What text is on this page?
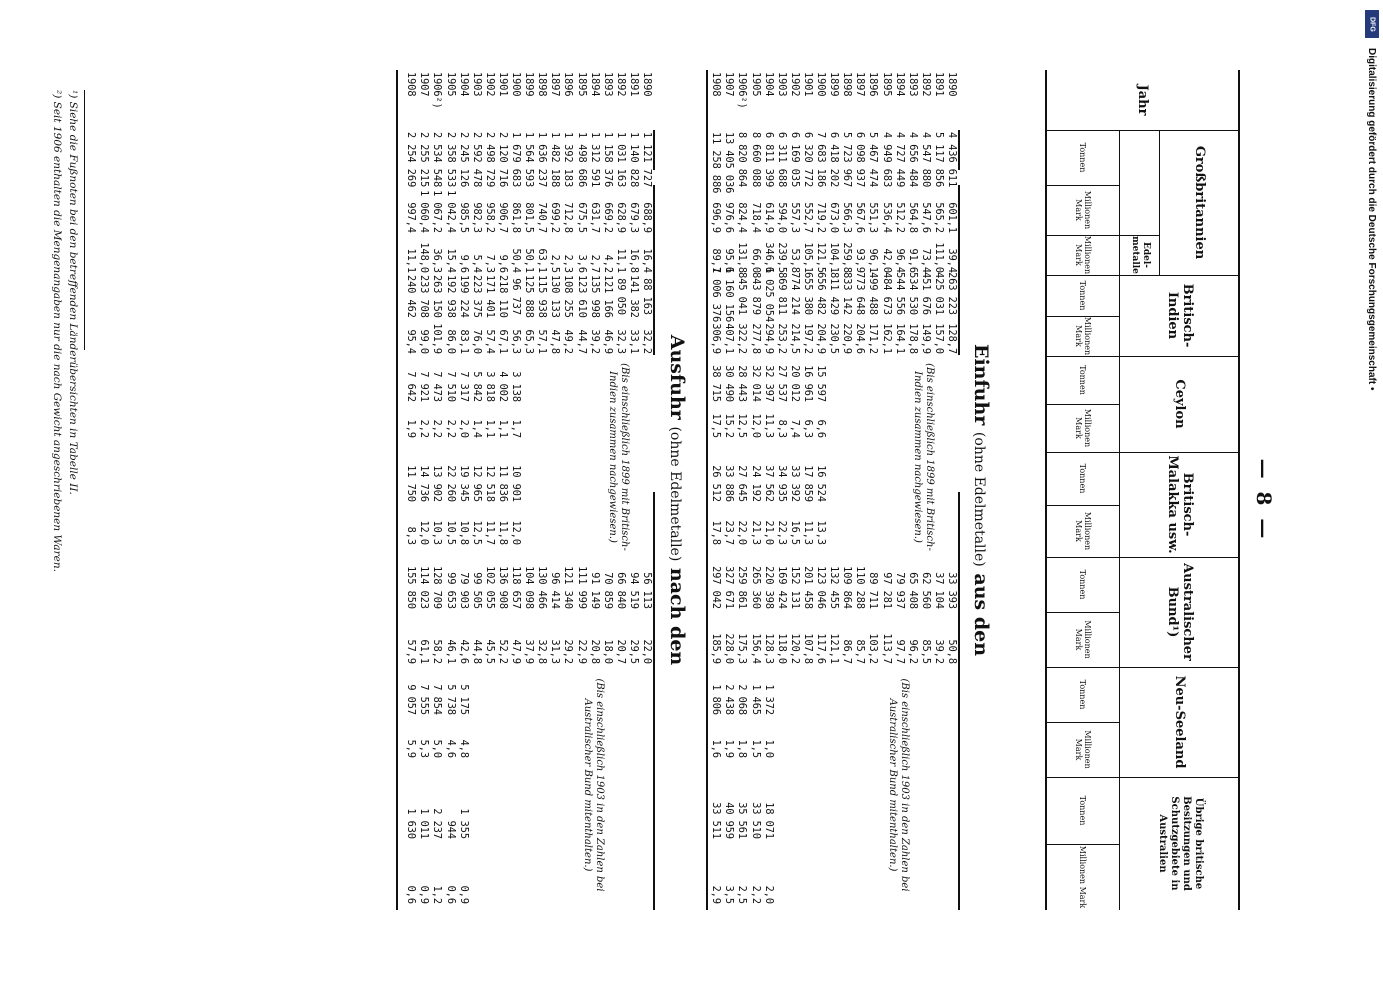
DFG
Digitalisierung gefördert durch die Deutsche Forschungsgemeinschaft •
— 8 —
Jahr
Großbritannien
Britisch-Indien
Ceylon
Britisch-Malakka usw.
Australischer Bund¹)
Neu-Seeland
Übrige britische Besitzungen und Schutzgebiete in Australien
Edel-metalle
Tonnen
Millionen Mark
Millionen Mark
Tonnen
Millionen Mark
Tonnen
Millionen Mark
Tonnen
Millionen Mark
Tonnen
Millionen Mark
Tonnen
Millionen Mark
Tonnen
Millionen Mark
Einfuhr (ohne Edelmetalle) aus den
1890
1891
1892
1893
1894
1895
1896
1897
1898
1899
1900
1901
1902
1903
1904
1905
1906²)
1907
1908
4 436 611
5 117 856
4 547 880
4 656 484
4 727 449
4 949 683
5 467 474
6 098 937
5 723 967
6 418 202
7 683 186
6 320 772
6 169 035
6 311 688
6 811 399
8 660 088
8 820 864
13 405 036
11 258 886
601,1
565,2
547,6
564,8
512,2
536,4
551,3
567,6
566,3
673,0
719,2
552,7
557,3
594,0
614,9
718,4
824,4
976,6
696,9
39,4
111,0
73,4
91,6
96,4
42,0
96,1
93,9
259,8
104,1
121,5
105,1
53,8
239,5
346,6
66,0
131,8
95,6
89,7
263 223
425 031
451 676
534 530
544 556
484 673
499 488
773 648
833 142
811 429
656 482
655 380
774 214
869 811
1 025 054
843 879
845 041
1 160 156
1 006 376
128,7
157,0
149,9
178,8
164,1
162,1
171,2
204,6
220,9
230,5
204,9
197,2
214,5
253,2
294,9
277,8
322,2
407,1
306,9

15 597
16 961
20 012
27 537
32 397
32 014
28 443
30 490
38 715

6,6
6,3
7,4
8,3
11,3
12,0
12,5
15,2
17,5

16 524
17 859
33 392
34 935
37 562
24 192
27 645
33 886
26 512

13,3
11,3
16,5
22,3
21,0
21,3
22,0
23,7
17,8
33 393
37 104
62 560
65 408
79 937
97 281
89 711
110 288
109 864
132 455
123 046
201 458
152 131
169 424
220 398
265 360
259 861
327 671
297 042
50,8
39,2
85,5
96,2
97,7
113,7
103,2
85,7
86,7
121,1
117,6
107,8
120,2
118,0
128,3
156,4
175,3
228,0
185,9

1 372
1 465
2 068
2 438
1 806

1,0
1,5
1,8
1,9
1,6

18 071
33 510
35 561
40 959
33 511

2,0
2,2
2,5
3,5
2,9
(Bis einschließlich 1899 mit Britisch-Indien zusammen nachgewiesen.)
(Bis einschließlich 1903 in den Zahlen bei Australischer Bund mitenthalten.)
Ausfuhr (ohne Edelmetalle) nach den
1890
1891
1892
1893
1894
1895
1896
1897
1898
1899
1900
1901
1902
1903
1904
1905
1906²)
1907
1908
1 121 727
1 140 828
1 031 163
1 158 376
1 312 591
1 498 686
1 392 183
1 482 188
1 636 237
1 564 593
1 679 683
2 120 716
2 498 729
2 592 478
2 245 126
2 358 533
2 534 548
2 255 215
2 254 269
688,9
679,3
628,9
669,2
631,7
675,5
712,8
699,2
740,7
801,5
861,8
906,7
958,2
982,3
985,5
1 042,4
1 067,2
1 060,4
997,4
16,4
16,8
11,1
4,2
2,7
3,6
2,3
2,5
63,1
50,1
50,4
9,6
7,3
5,4
9,6
15,4
36,3
148,0
11,1
88 163
141 382
89 050
121 166
135 998
123 610
108 255
130 133
115 938
125 888
96 737
218 110
171 401
223 375
199 224
192 938
263 150
233 708
240 462
32,2
33,1
32,3
46,9
39,2
44,7
49,2
47,8
57,1
65,3
56,3
67,1
57,4
76,0
83,1
86,0
101,9
99,0
95,4

3 138
4 002
3 818
5 842
7 317
7 510
7 473
7 921
7 642

1,7
1,1
1,1
1,4
2,0
2,2
2,2
2,2
1,9

10 901
11 836
12 518
12 965
19 345
22 260
13 902
14 736
11 750

12,0
11,8
11,7
12,5
10,8
10,5
10,3
12,0
8,3
56 113
94 519
66 840
70 859
91 149
111 999
121 340
96 414
130 466
104 098
118 657
136 908
102 055
99 505
79 903
99 653
128 709
114 023
155 850
22,0
29,5
20,7
18,0
20,8
22,9
29,2
31,3
32,8
37,9
47,9
52,2
45,5
44,8
42,6
46,1
58,2
61,1
57,9

5 175
5 738
7 854
7 555
9 057

4,8
4,6
5,0
5,3
5,9

1 355
944
2 237
1 011
1 630

0,9
0,6
1,2
0,9
0,6
(Bis einschließlich 1899 mit Britisch-Indien zusammen nachgewiesen.)
(Bis einschließlich 1903 in den Zahlen bei Australischer Bund mitenthalten.)
¹) Siehe die Fußnoten bei den betreffenden Länderübersichten in Tabelle II.
²) Seit 1906 enthalten die Mengenangaben nur die nach Gewicht angeschriebenen Waren.
